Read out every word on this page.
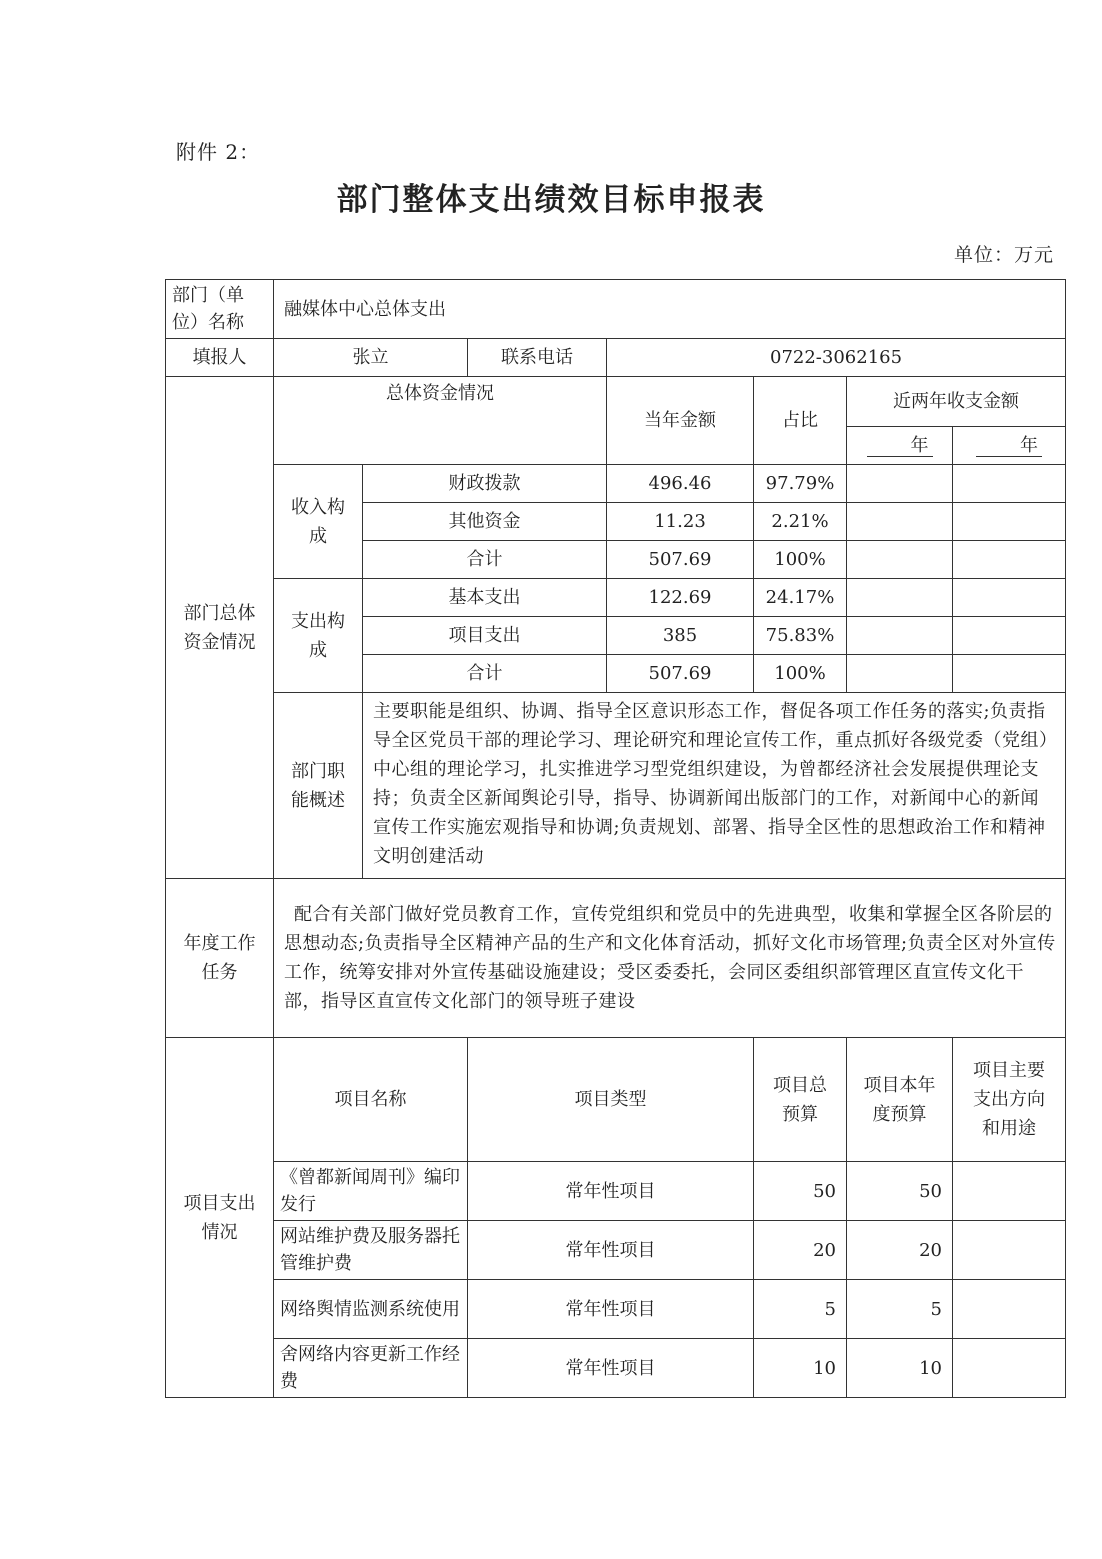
附件 2：
部门整体支出绩效目标申报表
单位：万元
部门（单位）名称	融媒体中心总体支出						
填报人	张立		联系电话	0722-3062165			
部门总体资金情况	总体资金情况			当年金额	占比	近两年收支金额	
						年	年
	收入构成	财政拨款		496.46	97.79%		
		其他资金		11.23	2.21%		
		合计		507.69	100%		
	支出构成	基本支出		122.69	24.17%		
		项目支出		385	75.83%		
		合计		507.69	100%		
	部门职能概述	主要职能是组织、协调、指导全区意识形态工作，督促各项工作任务的落实;负责指导全区党员干部的理论学习、理论研究和理论宣传工作，重点抓好各级党委（党组）中心组的理论学习，扎实推进学习型党组织建设，为曾都经济社会发展提供理论支持；负责全区新闻舆论引导，指导、协调新闻出版部门的工作，对新闻中心的新闻宣传工作实施宏观指导和协调;负责规划、部署、指导全区性的思想政治工作和精神文明创建活动					
年度工作任务	配合有关部门做好党员教育工作，宣传党组织和党员中的先进典型，收集和掌握全区各阶层的思想动态;负责指导全区精神产品的生产和文化体育活动，抓好文化市场管理;负责全区对外宣传工作，统筹安排对外宣传基础设施建设；受区委委托，会同区委组织部管理区直宣传文化干部，指导区直宣传文化部门的领导班子建设						
项目支出情况	项目名称		项目类型		项目总预算	项目本年度预算	项目主要支出方向和用途
	《曾都新闻周刊》编印发行		常年性项目		50	50	
	网站维护费及服务器托管维护费		常年性项目		20	20	
	网络舆情监测系统使用		常年性项目		5	5	
	舍网络内容更新工作经费		常年性项目		10	10	
